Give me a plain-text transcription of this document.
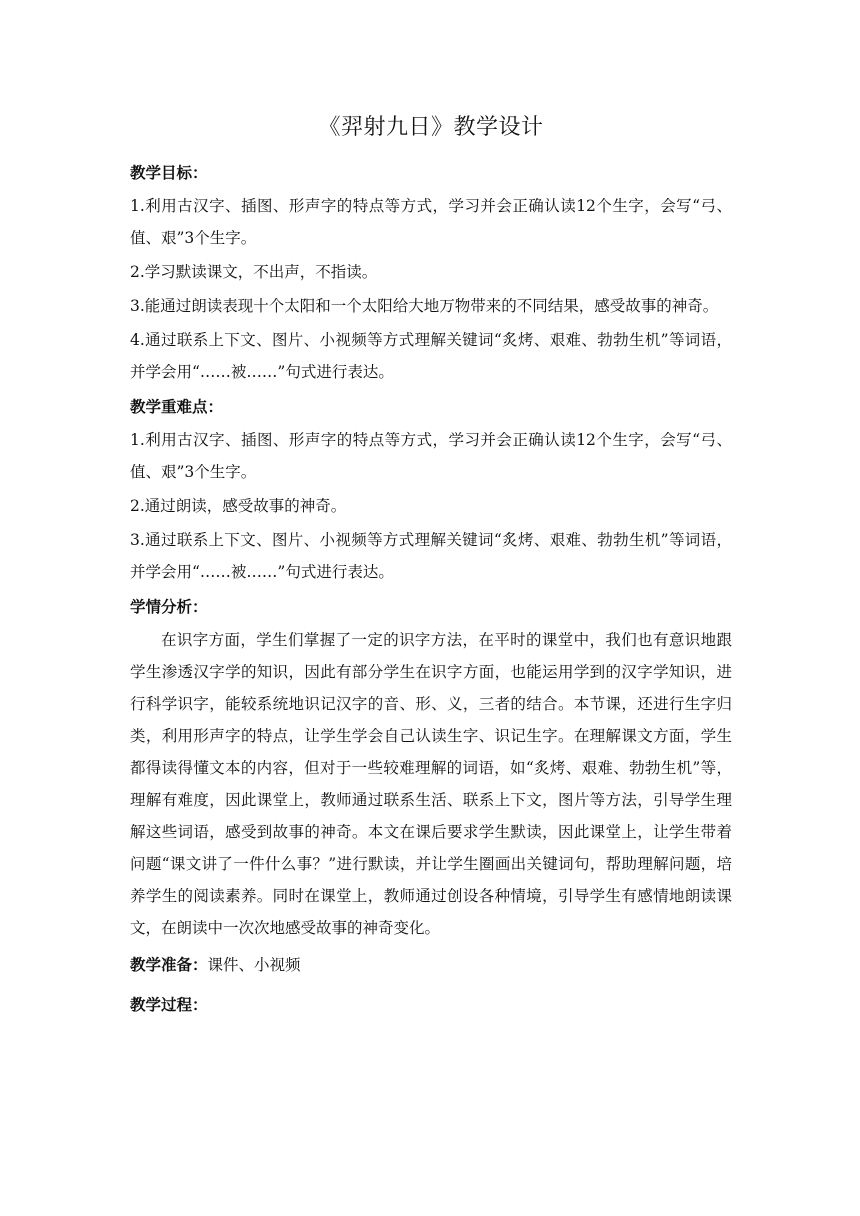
《羿射九日》教学设计

教学目标：

1.利用古汉字、插图、形声字的特点等方式，学习并会正确认读12个生字，会写“弓、值、艰”3个生字。

2.学习默读课文，不出声，不指读。

3.能通过朗读表现十个太阳和一个太阳给大地万物带来的不同结果，感受故事的神奇。

4.通过联系上下文、图片、小视频等方式理解关键词“炙烤、艰难、勃勃生机”等词语，并学会用“……被……”句式进行表达。

教学重难点：

1.利用古汉字、插图、形声字的特点等方式，学习并会正确认读12个生字，会写“弓、值、艰”3个生字。

2.通过朗读，感受故事的神奇。

3.通过联系上下文、图片、小视频等方式理解关键词“炙烤、艰难、勃勃生机”等词语，并学会用“……被……”句式进行表达。

学情分析：

在识字方面，学生们掌握了一定的识字方法，在平时的课堂中，我们也有意识地跟学生渗透汉字学的知识，因此有部分学生在识字方面，也能运用学到的汉字学知识，进行科学识字，能较系统地识记汉字的音、形、义，三者的结合。本节课，还进行生字归类，利用形声字的特点，让学生学会自己认读生字、识记生字。在理解课文方面，学生都得读得懂文本的内容，但对于一些较难理解的词语，如“炙烤、艰难、勃勃生机”等，理解有难度，因此课堂上，教师通过联系生活、联系上下文，图片等方法，引导学生理解这些词语，感受到故事的神奇。本文在课后要求学生默读，因此课堂上，让学生带着问题“课文讲了一件什么事？”进行默读，并让学生圈画出关键词句，帮助理解问题，培养学生的阅读素养。同时在课堂上，教师通过创设各种情境，引导学生有感情地朗读课文，在朗读中一次次地感受故事的神奇变化。

教学准备：课件、小视频

教学过程：
